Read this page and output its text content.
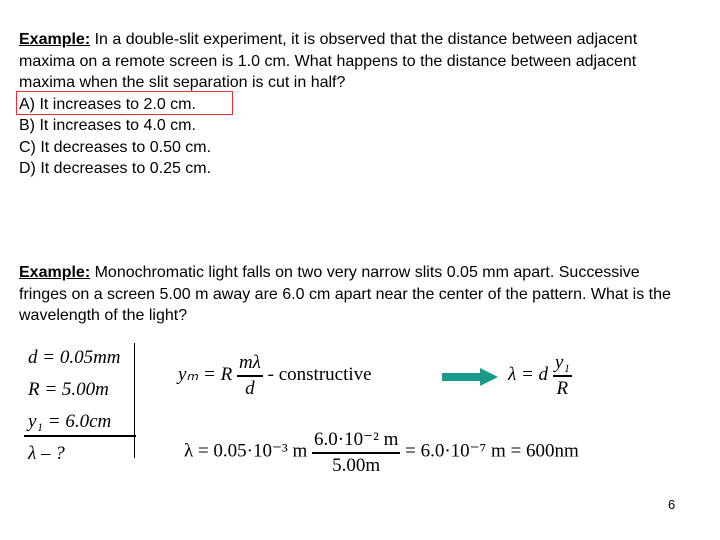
Example: In a double-slit experiment, it is observed that the distance between adjacent maxima on a remote screen is 1.0 cm. What happens to the distance between adjacent maxima when the slit separation is cut in half?
A) It increases to 2.0 cm.
B) It increases to 4.0 cm.
C) It decreases to 0.50 cm.
D) It decreases to 0.25 cm.
Example: Monochromatic light falls on two very narrow slits 0.05 mm apart. Successive fringes on a screen 5.00 m away are 6.0 cm apart near the center of the pattern. What is the wavelength of the light?
d = 0.05mm
R = 5.00m
y₁ = 6.0cm
λ – ?
yₘ = R $\frac{m\lambda}{d}$ - constructive	λ = d $\frac{\text{y₁}}{R}$
λ = 0.05·10⁻³ m $\frac{\text{6.0·10⁻² m}}{5.00m} = 6.0\cdot 10^{-7}$ m = 600nm
6
